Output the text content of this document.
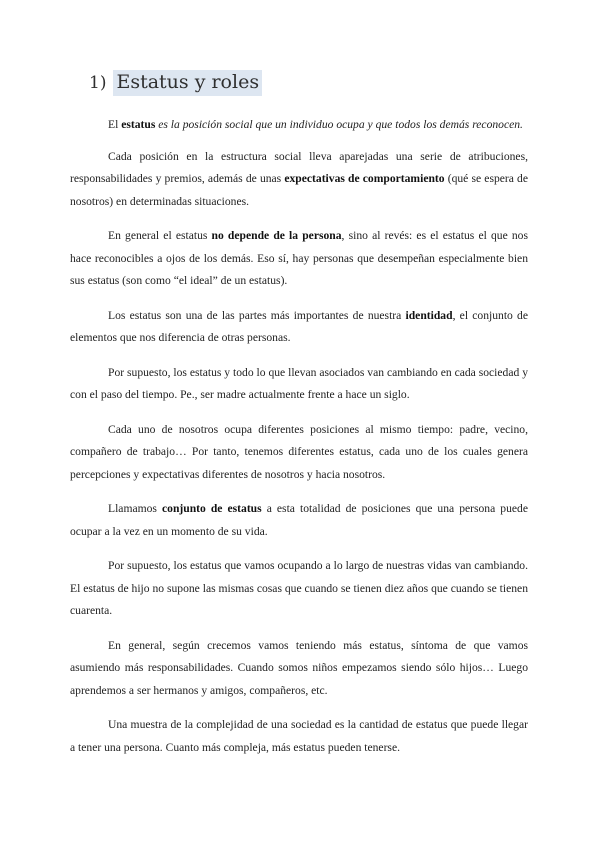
1) Estatus y roles

El estatus es la posición social que un individuo ocupa y que todos los demás reconocen.

Cada posición en la estructura social lleva aparejadas una serie de atribuciones, responsabilidades y premios, además de unas expectativas de comportamiento (qué se espera de nosotros) en determinadas situaciones.

En general el estatus no depende de la persona, sino al revés: es el estatus el que nos hace reconocibles a ojos de los demás. Eso sí, hay personas que desempeñan especialmente bien sus estatus (son como “el ideal” de un estatus).

Los estatus son una de las partes más importantes de nuestra identidad, el conjunto de elementos que nos diferencia de otras personas.

Por supuesto, los estatus y todo lo que llevan asociados van cambiando en cada sociedad y con el paso del tiempo. Pe., ser madre actualmente frente a hace un siglo.

Cada uno de nosotros ocupa diferentes posiciones al mismo tiempo: padre, vecino, compañero de trabajo… Por tanto, tenemos diferentes estatus, cada uno de los cuales genera percepciones y expectativas diferentes de nosotros y hacia nosotros.

Llamamos conjunto de estatus a esta totalidad de posiciones que una persona puede ocupar a la vez en un momento de su vida.

Por supuesto, los estatus que vamos ocupando a lo largo de nuestras vidas van cambiando. El estatus de hijo no supone las mismas cosas que cuando se tienen diez años que cuando se tienen cuarenta.

En general, según crecemos vamos teniendo más estatus, síntoma de que vamos asumiendo más responsabilidades. Cuando somos niños empezamos siendo sólo hijos… Luego aprendemos a ser hermanos y amigos, compañeros, etc.

Una muestra de la complejidad de una sociedad es la cantidad de estatus que puede llegar a tener una persona. Cuanto más compleja, más estatus pueden tenerse.
